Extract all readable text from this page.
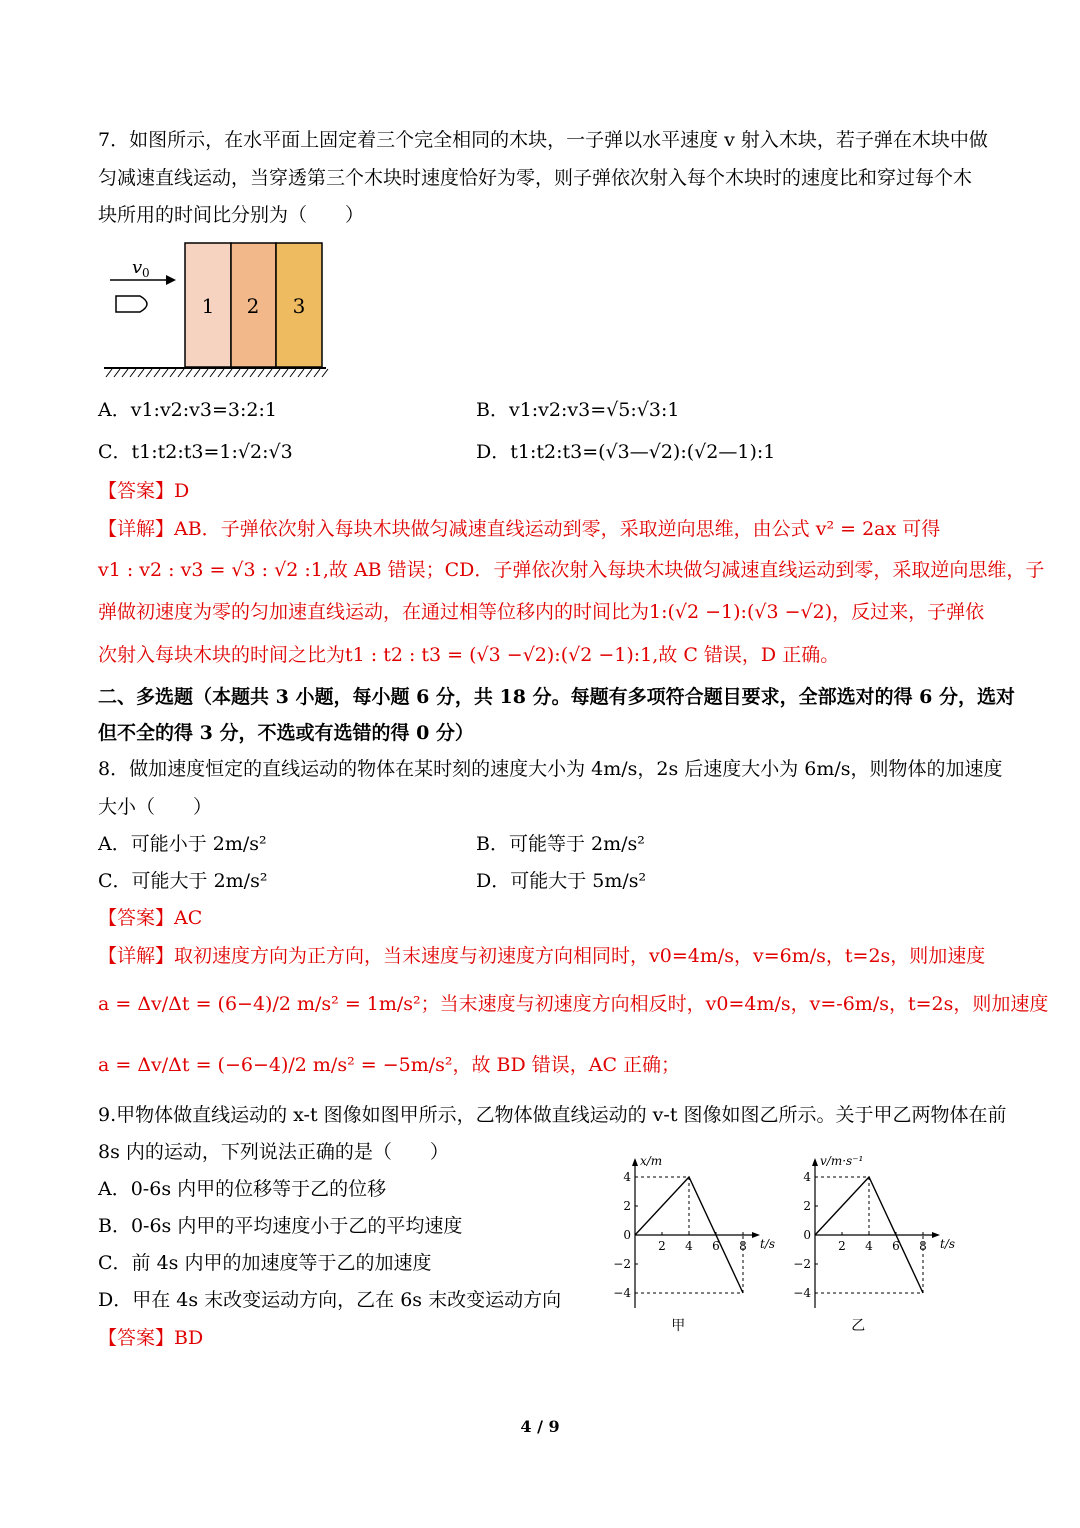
7．如图所示，在水平面上固定着三个完全相同的木块，一子弹以水平速度 v 射入木块，若子弹在木块中做
匀减速直线运动，当穿透第三个木块时速度恰好为零，则子弹依次射入每个木块时的速度比和穿过每个木
块所用的时间比分别为（　　）
v 0
1 2 3
A．v1:v2:v3=3:2:1	B．v1:v2:v3=√5:√3:1
C．t1:t2:t3=1:√2:√3	D．t1:t2:t3=(√3—√2):(√2—1):1
【答案】D
【详解】AB．子弹依次射入每块木块做匀减速直线运动到零，采取逆向思维，由公式 v² = 2ax 可得
v1 : v2 : v3 = √3 : √2 :1,故 AB 错误；CD．子弹依次射入每块木块做匀减速直线运动到零，采取逆向思维，子
弹做初速度为零的匀加速直线运动，在通过相等位移内的时间比为1:(√2 −1):(√3 −√2)，反过来，子弹依
次射入每块木块的时间之比为t1 : t2 : t3 = (√3 −√2):(√2 −1):1,故 C 错误，D 正确。
二、多选题（本题共 3 小题，每小题 6 分，共 18 分。每题有多项符合题目要求，全部选对的得 6 分，选对
但不全的得 3 分，不选或有选错的得 0 分）
8．做加速度恒定的直线运动的物体在某时刻的速度大小为 4m/s，2s 后速度大小为 6m/s，则物体的加速度
大小（　　）
A．可能小于 2m/s²	B．可能等于 2m/s²
C．可能大于 2m/s²	D．可能大于 5m/s²
【答案】AC
【详解】取初速度方向为正方向，当末速度与初速度方向相同时，v0=4m/s，v=6m/s，t=2s，则加速度
a = Δv/Δt = (6−4)/2 m/s² = 1m/s²；当末速度与初速度方向相反时，v0=4m/s，v=-6m/s，t=2s，则加速度
a = Δv/Δt = (−6−4)/2 m/s² = −5m/s²，故 BD 错误，AC 正确；
9.甲物体做直线运动的 x-t 图像如图甲所示，乙物体做直线运动的 v-t 图像如图乙所示。关于甲乙两物体在前
8s 内的运动，下列说法正确的是（　　）
A．0-6s 内甲的位移等于乙的位移
B．0-6s 内甲的平均速度小于乙的平均速度
C．前 4s 内甲的加速度等于乙的加速度
D．甲在 4s 末改变运动方向，乙在 6s 末改变运动方向
【答案】BD
x/m
t/s
2 4 6 8
4
2
0
−2
−4
甲
v/m·s⁻¹
t/s
2 4 6 8
4
2
0
−2
−4
乙
4 / 9
